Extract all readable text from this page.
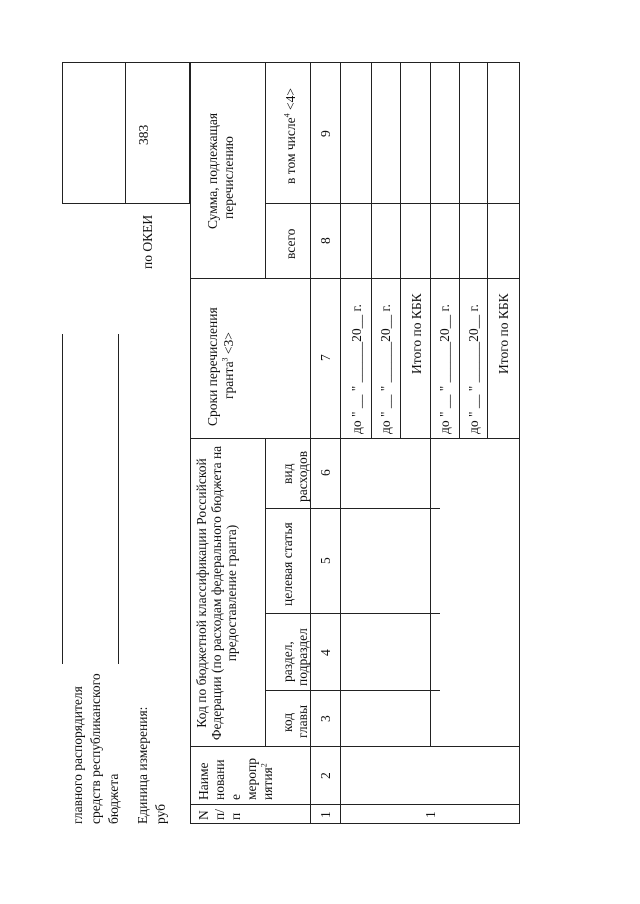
главного распорядителя средств республиканского бюджета Единица измерения: руб
по ОКЕИ
383
N п/ п
Наиме новани е меропр иятия$^2$
Код по бюджетной классификации Российской Федерации (по расходам федерального бюджета на предоставление гранта)
код главы
раздел, подраздел
целевая статья
вид расходов
Сроки перечисления гранта$^3$ <3>
Сумма, подлежащая перечислению
всего
в том числе$^4$ <4>
1
2
3
4
5
6
7
8
9
1
до " __ " ______20__ г. до " __ " ______20__ г. Итого по КБК до " __ " ______20__ г. до " __ " ______20__ г. Итого по КБК
